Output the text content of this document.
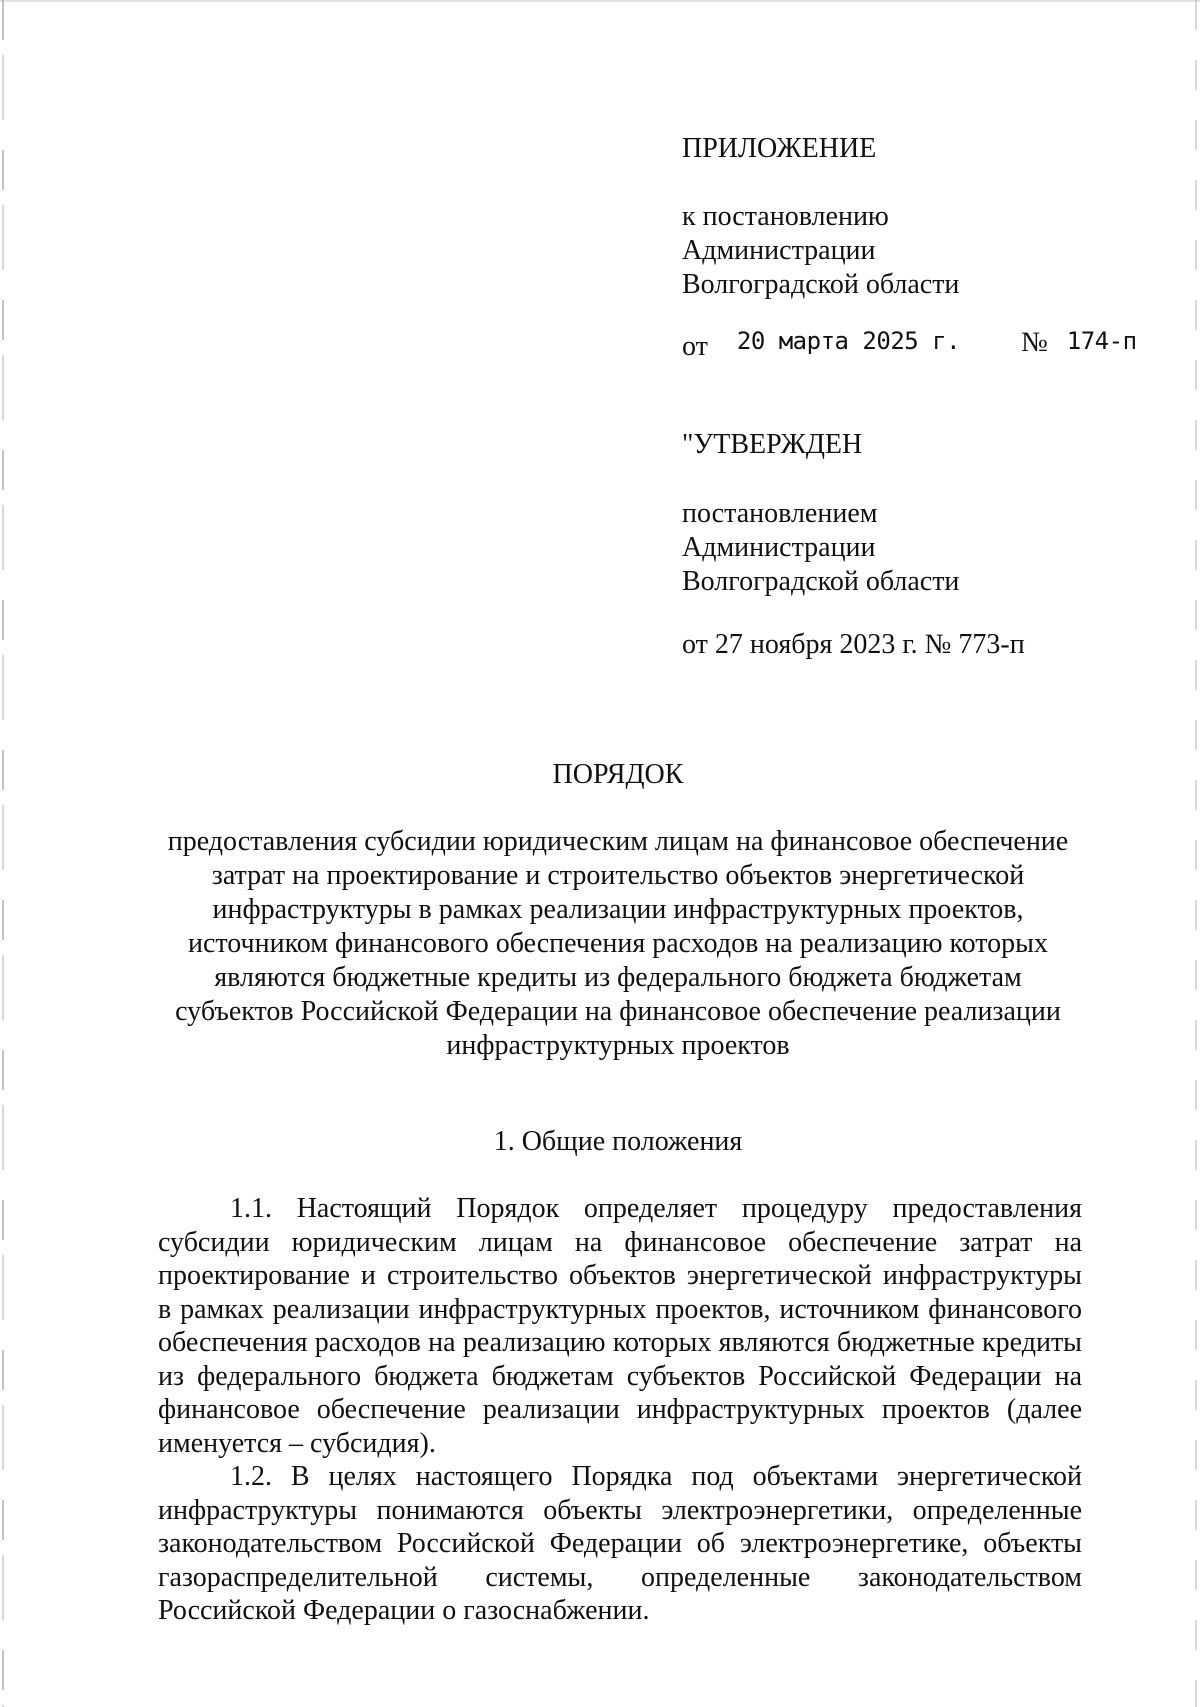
ПРИЛОЖЕНИЕ
к постановлению
Администрации
Волгоградской области
от 20 марта 2025 г. № 174-п
"УТВЕРЖДЕН
постановлением
Администрации
Волгоградской области
от 27 ноября 2023 г. № 773-п
ПОРЯДОК
предоставления субсидии юридическим лицам на финансовое обеспечение
затрат на проектирование и строительство объектов энергетической
инфраструктуры в рамках реализации инфраструктурных проектов,
источником финансового обеспечения расходов на реализацию которых
являются бюджетные кредиты из федерального бюджета бюджетам
субъектов Российской Федерации на финансовое обеспечение реализации
инфраструктурных проектов
1. Общие положения

1.1. Настоящий Порядок определяет процедуру предоставления субсидии юридическим лицам на финансовое обеспечение затрат на проектирование и строительство объектов энергетической инфраструктуры в рамках реализации инфраструктурных проектов, источником финансового обеспечения расходов на реализацию которых являются бюджетные кредиты из федерального бюджета бюджетам субъектов Российской Федерации на финансовое обеспечение реализации инфраструктурных проектов (далее именуется – субсидия).

1.2. В целях настоящего Порядка под объектами энергетической инфраструктуры понимаются объекты электроэнергетики, определенные законодательством Российской Федерации об электроэнергетике, объекты газораспределительной системы, определенные законодательством Российской Федерации о газоснабжении.
